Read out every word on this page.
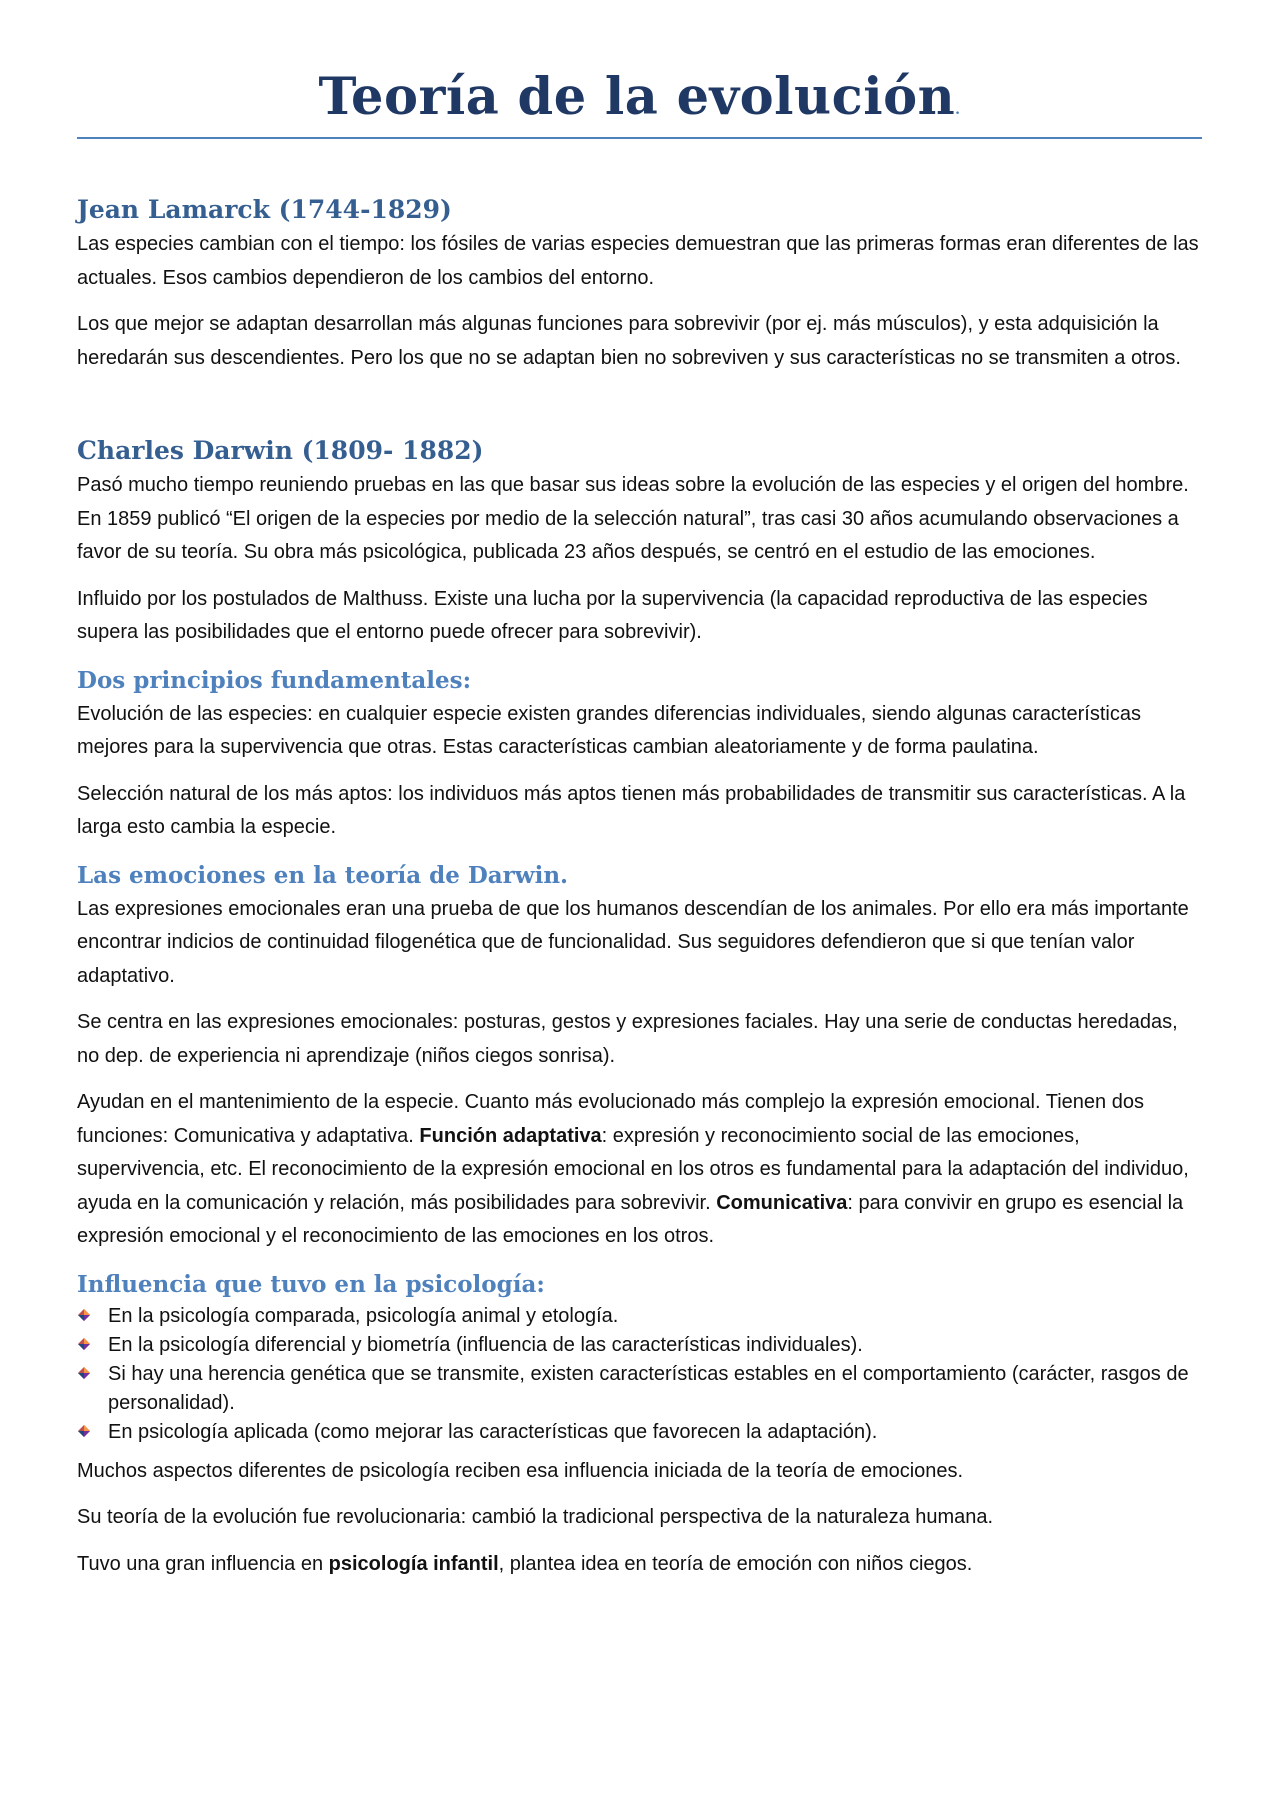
Teoría de la evolución.
Jean Lamarck (1744-1829)

Las especies cambian con el tiempo: los fósiles de varias especies demuestran que las primeras formas eran diferentes de las actuales. Esos cambios dependieron de los cambios del entorno.

Los que mejor se adaptan desarrollan más algunas funciones para sobrevivir (por ej. más músculos), y esta adquisición la heredarán sus descendientes. Pero los que no se adaptan bien no sobreviven y sus características no se transmiten a otros.

Charles Darwin (1809- 1882)

Pasó mucho tiempo reuniendo pruebas en las que basar sus ideas sobre la evolución de las especies y el origen del hombre. En 1859 publicó “El origen de la especies por medio de la selección natural”, tras casi 30 años acumulando observaciones a favor de su teoría. Su obra más psicológica, publicada 23 años después, se centró en el estudio de las emociones.

Influido por los postulados de Malthuss. Existe una lucha por la supervivencia (la capacidad reproductiva de las especies supera las posibilidades que el entorno puede ofrecer para sobrevivir).

Dos principios fundamentales:

Evolución de las especies: en cualquier especie existen grandes diferencias individuales, siendo algunas características mejores para la supervivencia que otras. Estas características cambian aleatoriamente y de forma paulatina.

Selección natural de los más aptos: los individuos más aptos tienen más probabilidades de transmitir sus características. A la larga esto cambia la especie.

Las emociones en la teoría de Darwin.

Las expresiones emocionales eran una prueba de que los humanos descendían de los animales. Por ello era más importante encontrar indicios de continuidad filogenética que de funcionalidad. Sus seguidores defendieron que si que tenían valor adaptativo.

Se centra en las expresiones emocionales: posturas, gestos y expresiones faciales. Hay una serie de conductas heredadas, no dep. de experiencia ni aprendizaje (niños ciegos sonrisa).

Ayudan en el mantenimiento de la especie. Cuanto más evolucionado más complejo la expresión emocional. Tienen dos funciones: Comunicativa y adaptativa. Función adaptativa: expresión y reconocimiento social de las emociones, supervivencia, etc. El reconocimiento de la expresión emocional en los otros es fundamental para la adaptación del individuo, ayuda en la comunicación y relación, más posibilidades para sobrevivir. Comunicativa: para convivir en grupo es esencial la expresión emocional y el reconocimiento de las emociones en los otros.

Influencia que tuvo en la psicología:
En la psicología comparada, psicología animal y etología.
En la psicología diferencial y biometría (influencia de las características individuales).
Si hay una herencia genética que se transmite, existen características estables en el comportamiento (carácter, rasgos de personalidad).
En psicología aplicada (como mejorar las características que favorecen la adaptación).

Muchos aspectos diferentes de psicología reciben esa influencia iniciada de la teoría de emociones.

Su teoría de la evolución fue revolucionaria: cambió la tradicional perspectiva de la naturaleza humana.

Tuvo una gran influencia en psicología infantil, plantea idea en teoría de emoción con niños ciegos.
